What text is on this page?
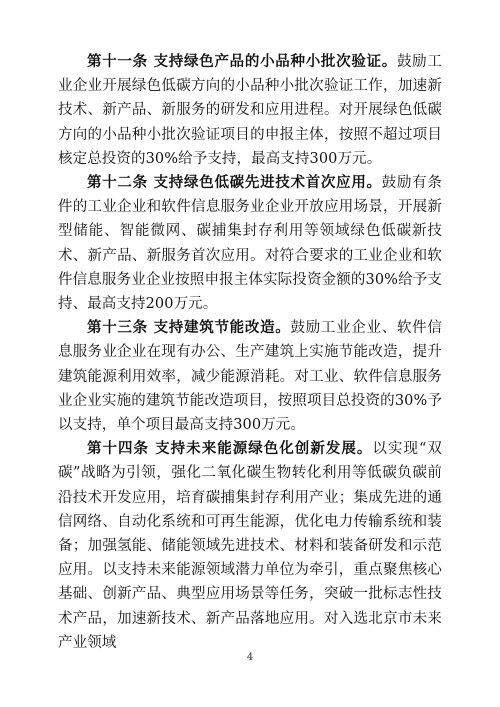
第十一条 支持绿色产品的小品种小批次验证。鼓励工业企业开展绿色低碳方向的小品种小批次验证工作，加速新技术、新产品、新服务的研发和应用进程。对开展绿色低碳方向的小品种小批次验证项目的申报主体，按照不超过项目核定总投资的30%给予支持，最高支持300万元。

第十二条 支持绿色低碳先进技术首次应用。鼓励有条件的工业企业和软件信息服务业企业开放应用场景，开展新型储能、智能微网、碳捕集封存利用等领域绿色低碳新技术、新产品、新服务首次应用。对符合要求的工业企业和软件信息服务业企业按照申报主体实际投资金额的30%给予支持、最高支持200万元。

第十三条 支持建筑节能改造。鼓励工业企业、软件信息服务业企业在现有办公、生产建筑上实施节能改造，提升建筑能源利用效率，减少能源消耗。对工业、软件信息服务业企业实施的建筑节能改造项目，按照项目总投资的30%予以支持，单个项目最高支持300万元。

第十四条 支持未来能源绿色化创新发展。以实现“双碳”战略为引领，强化二氧化碳生物转化利用等低碳负碳前沿技术开发应用，培育碳捕集封存利用产业；集成先进的通信网络、自动化系统和可再生能源，优化电力传输系统和装备；加强氢能、储能领域先进技术、材料和装备研发和示范应用。以支持未来能源领域潜力单位为牵引，重点聚焦核心基础、创新产品、典型应用场景等任务，突破一批标志性技术产品，加速新技术、新产品落地应用。对入选北京市未来产业领域

4
